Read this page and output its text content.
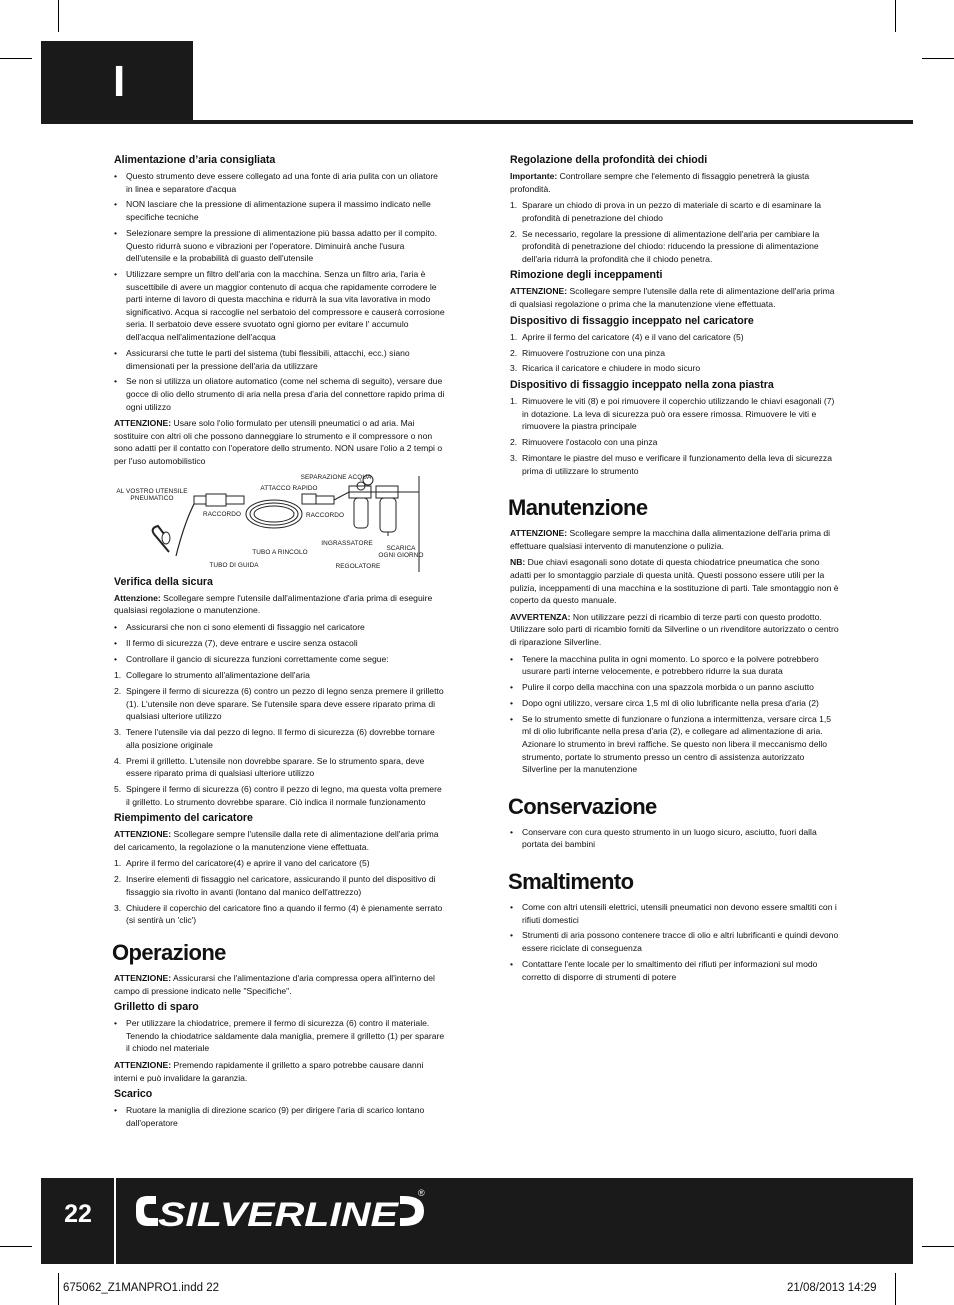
I
Alimentazione d’aria consigliata
• Questo strumento deve essere collegato ad una fonte di aria pulita con un oliatore in linea e separatore d'acqua
• NON lasciare che la pressione di alimentazione supera il massimo indicato nelle specifiche tecniche
• Selezionare sempre la pressione di alimentazione più bassa adatto per il compito. Questo ridurrà suono e vibrazioni per l'operatore. Diminuirà anche l'usura dell'utensile e la probabilità di guasto dell'utensile
• Utilizzare sempre un filtro dell'aria con la macchina. Senza un filtro aria, l'aria è suscettibile di avere un maggior contenuto di acqua che rapidamente corrodere le parti interne di lavoro di questa macchina e ridurrà la sua vita lavorativa in modo significativo. Acqua si raccoglie nel serbatoio del compressore e causerà corrosione seria. Il serbatoio deve essere svuotato ogni giorno per evitare l' accumulo dell'acqua nell'alimentazione dell'acqua
• Assicurarsi che tutte le parti del sistema (tubi flessibili, attacchi, ecc.) siano dimensionati per la pressione dell'aria da utilizzare
• Se non si utilizza un oliatore automatico (come nel schema di seguito), versare due gocce di olio dello strumento di aria nella presa d'aria del connettore rapido prima di ogni utilizzo

ATTENZIONE: Usare solo l'olio formulato per utensili pneumatici o ad aria. Mai sostituire con altri oli che possono danneggiare lo strumento e il compressore o non sono adatti per il contatto con l'operatore dello strumento. NON usare l'olio a 2 tempi o per l'uso automobilistico

AL VOSTRO UTENSILE PNEUMATICO
ATTACCO RAPIDO
SEPARAZIONE ACQUA
RACCORDO	RACCORDO
INGRASSATORE
SCARICA OGNI GIORNO
TUBO A RINCOLO
TUBO DI GUIDA	REGOLATORE
Verifica della sicura

Attenzione: Scollegare sempre l'utensile dall'alimentazione d'aria prima di eseguire qualsiasi regolazione o manutenzione.

• Assicurarsi che non ci sono elementi di fissaggio nel caricatore
• Il fermo di sicurezza (7), deve entrare e uscire senza ostacoli
• Controllare il gancio di sicurezza funzioni correttamente come segue:
1. Collegare lo strumento all'alimentazione dell'aria
2. Spingere il fermo di sicurezza (6) contro un pezzo di legno senza premere il grilletto (1). L'utensile non deve sparare. Se l'utensile spara deve essere riparato prima di qualsiasi ulteriore utilizzo
3. Tenere l'utensile via dal pezzo di legno. Il fermo di sicurezza (6) dovrebbe tornare alla posizione originale
4. Premi il grilletto. L'utensile non dovrebbe sparare. Se lo strumento spara, deve essere riparato prima di qualsiasi ulteriore utilizzo
5. Spingere il fermo di sicurezza (6) contro il pezzo di legno, ma questa volta premere il grilletto. Lo strumento dovrebbe sparare. Ciò indica il normale funzionamento
Riempimento del caricatore

ATTENZIONE: Scollegare sempre l'utensile dalla rete di alimentazione dell'aria prima del caricamento, la regolazione o la manutenzione viene effettuata.

1. Aprire il fermo del caricatore(4) e aprire il vano del caricatore (5)
2. Inserire elementi di fissaggio nel caricatore, assicurando il punto del dispositivo di fissaggio sia rivolto in avanti (lontano dal manico dell'attrezzo)
3. Chiudere il coperchio del caricatore fino a quando il fermo (4) è pienamente serrato (si sentirà un 'clic')
Operazione

ATTENZIONE: Assicurarsi che l'alimentazione d'aria compressa opera all'interno del campo di pressione indicato nelle "Specifiche".

Grilletto di sparo
• Per utilizzare la chiodatrice, premere il fermo di sicurezza (6) contro il materiale. Tenendo la chiodatrice saldamente dala maniglia, premere il grilletto (1) per sparare il chiodo nel materiale

ATTENZIONE: Premendo rapidamente il grilletto a sparo potrebbe causare danni interni e può invalidare la garanzia.

Scarico
• Ruotare la maniglia di direzione scarico (9) per dirigere l'aria di scarico lontano dall'operatore
Regolazione della profondità dei chiodi

Importante: Controllare sempre che l'elemento di fissaggio penetrerà la giusta profondità.

1. Sparare un chiodo di prova in un pezzo di materiale di scarto e di esaminare la profondità di penetrazione del chiodo
2. Se necessario, regolare la pressione di alimentazione dell'aria per cambiare la profondità di penetrazione del chiodo: riducendo la pressione di alimentazione dell'aria ridurrà la profondità che il chiodo penetra.
Rimozione degli inceppamenti

ATTENZIONE: Scollegare sempre l'utensile dalla rete di alimentazione dell'aria prima di qualsiasi regolazione o prima che la manutenzione viene effettuata.

Dispositivo di fissaggio inceppato nel caricatore
1. Aprire il fermo del caricatore (4) e il vano del caricatore (5)
2. Rimuovere l'ostruzione con una pinza
3. Ricarica il caricatore e chiudere in modo sicuro
Dispositivo di fissaggio inceppato nella zona piastra
1. Rimuovere le viti (8) e poi rimuovere il coperchio utilizzando le chiavi esagonali (7) in dotazione. La leva di sicurezza può ora essere rimossa. Rimuovere le viti e rimuovere la piastra principale
2. Rimuovere l'ostacolo con una pinza
3. Rimontare le piastre del muso e verificare il funzionamento della leva di sicurezza prima di utilizzare lo strumento
Manutenzione

ATTENZIONE: Scollegare sempre la macchina dalla alimentazione dell'aria prima di effettuare qualsiasi intervento di manutenzione o pulizia.

NB: Due chiavi esagonali sono dotate di questa chiodatrice pneumatica che sono adatti per lo smontaggio parziale di questa unità. Questi possono essere utili per la pulizia, inceppamenti di una macchina e la sostituzione di parti. Tale smontaggio non è coperto da questo manuale.

AVVERTENZA: Non utilizzare pezzi di ricambio di terze parti con questo prodotto. Utilizzare solo parti di ricambio forniti da Silverline o un rivenditore autorizzato o centro di riparazione Silverline.

• Tenere la macchina pulita in ogni momento. Lo sporco e la polvere potrebbero usurare parti interne velocemente, e potrebbero ridurre la sua durata
• Pulire il corpo della macchina con una spazzola morbida o un panno asciutto
• Dopo ogni utilizzo, versare circa 1,5 ml di olio lubrificante nella presa d'aria (2)
• Se lo strumento smette di funzionare o funziona a intermittenza, versare circa 1,5 ml di olio lubrificante nella presa d'aria (2), e collegare ad alimentazione di aria. Azionare lo strumento in brevi raffiche. Se questo non libera il meccanismo dello strumento, portate lo strumento presso un centro di assistenza autorizzato Silverline per la manutenzione
Conservazione
• Conservare con cura questo strumento in un luogo sicuro, asciutto, fuori dalla portata dei bambini
Smaltimento
• Come con altri utensili elettrici, utensili pneumatici non devono essere smaltiti con i rifiuti domestici
• Strumenti di aria possono contenere tracce di olio e altri lubrificanti e quindi devono essere riciclate di conseguenza
• Contattare l'ente locale per lo smaltimento dei rifiuti per informazioni sul modo corretto di disporre di strumenti di potere
22	SILVERLINE
®
675062_Z1MANPRO1.indd 22	21/08/2013 14:29
